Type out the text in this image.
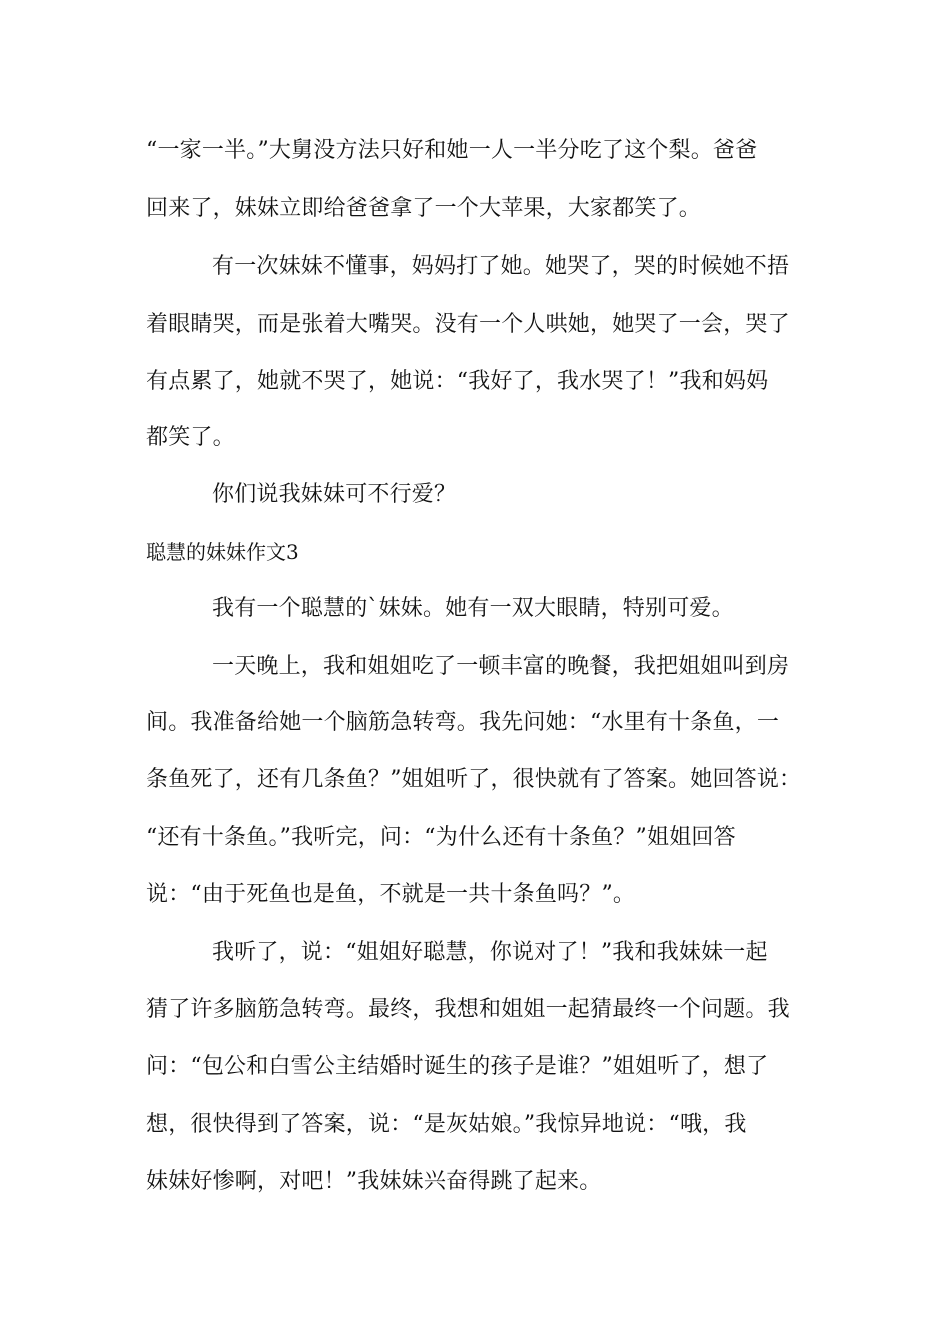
“一家一半。”大舅没方法只好和她一人一半分吃了这个梨。爸爸
回来了，妹妹立即给爸爸拿了一个大苹果，大家都笑了。
有一次妹妹不懂事，妈妈打了她。她哭了，哭的时候她不捂
着眼睛哭，而是张着大嘴哭。没有一个人哄她，她哭了一会，哭了
有点累了，她就不哭了，她说：“我好了，我水哭了！”我和妈妈
都笑了。
你们说我妹妹可不行爱？
聪慧的妹妹作文3
我有一个聪慧的`妹妹。她有一双大眼睛，特别可爱。
一天晚上，我和姐姐吃了一顿丰富的晚餐，我把姐姐叫到房
间。我准备给她一个脑筋急转弯。我先问她：“水里有十条鱼，一
条鱼死了，还有几条鱼？”姐姐听了，很快就有了答案。她回答说：
“还有十条鱼。”我听完，问：“为什么还有十条鱼？”姐姐回答
说：“由于死鱼也是鱼，不就是一共十条鱼吗？”。
我听了，说：“姐姐好聪慧，你说对了！”我和我妹妹一起
猜了许多脑筋急转弯。最终，我想和姐姐一起猜最终一个问题。我
问：“包公和白雪公主结婚时诞生的孩子是谁？”姐姐听了，想了
想，很快得到了答案，说：“是灰姑娘。”我惊异地说：“哦，我
妹妹好惨啊，对吧！”我妹妹兴奋得跳了起来。
